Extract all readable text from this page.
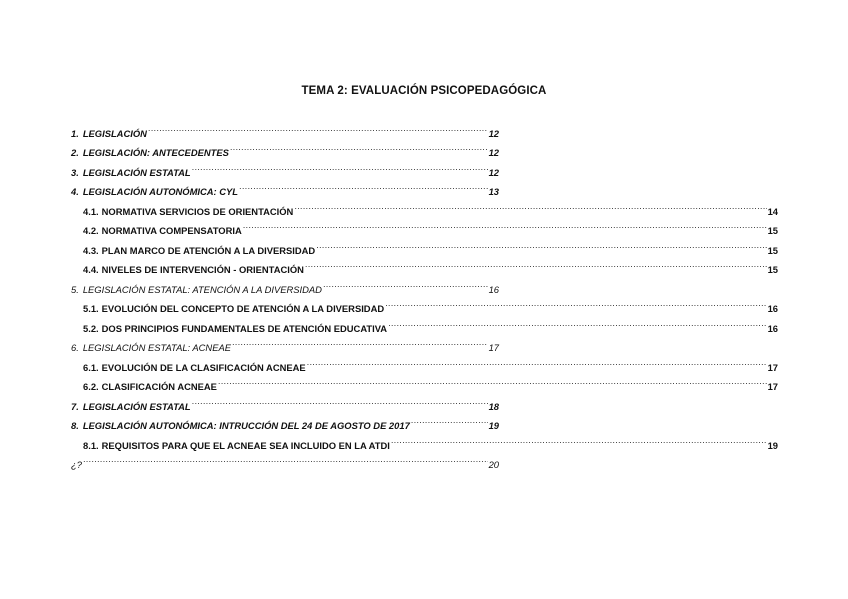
TEMA 2: EVALUACIÓN PSICOPEDAGÓGICA
1. LEGISLACIÓN .....	12
2. LEGISLACIÓN: ANTECEDENTES .....	12
3. LEGISLACIÓN ESTATAL .....	12
4. LEGISLACIÓN AUTONÓMICA: CYL .....	13
4.1. NORMATIVA SERVICIOS DE ORIENTACIÓN .....	14
4.2. NORMATIVA COMPENSATORIA .....	15
4.3. PLAN MARCO DE ATENCIÓN A LA DIVERSIDAD .....	15
4.4. NIVELES DE INTERVENCIÓN - ORIENTACIÓN .....	15
5. LEGISLACIÓN ESTATAL: ATENCIÓN A LA DIVERSIDAD .....	16
5.1. EVOLUCIÓN DEL CONCEPTO DE ATENCIÓN A LA DIVERSIDAD .....	16
5.2. DOS PRINCIPIOS FUNDAMENTALES DE ATENCIÓN EDUCATIVA .....	16
6. LEGISLACIÓN ESTATAL: ACNEAE .....	17
6.1. EVOLUCIÓN DE LA CLASIFICACIÓN ACNEAE .....	17
6.2. CLASIFICACIÓN ACNEAE .....	17
7. LEGISLACIÓN ESTATAL .....	18
8. LEGISLACIÓN AUTONÓMICA: INTRUCCIÓN DEL 24 DE AGOSTO DE 2017 .....	19
8.1. REQUISITOS PARA QUE EL ACNEAE SEA INCLUIDO EN LA ATDI .....	19
¿? .....	20
